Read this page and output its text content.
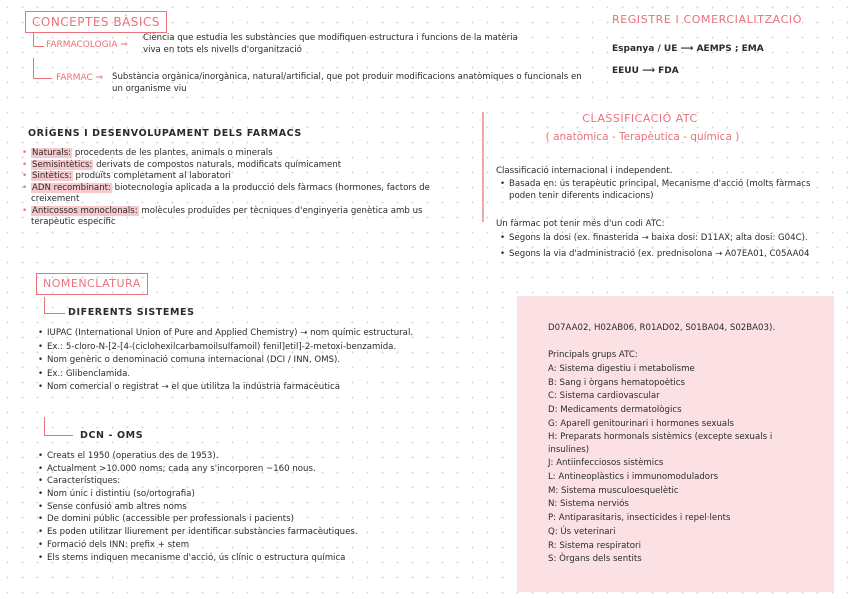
CONCEPTES BÀSICS
FARMACOLOGIA ⇒
Ciència que estudia les substàncies que modifiquen estructura i funcions de la matèria viva en tots els nivells d'organització
FARMAC ⇒ Substància orgànica/inorgànica, natural/artificial, que pot produir modificacions anatòmiques o funcionals en un organisme viu
REGISTRE I COMERCIALITZACIÓ
Espanya / UE ⟶ AEMPS ; EMA
EEUU ⟶ FDA
ORÍGENS I DESENVOLUPAMENT DELS FARMACS
• Naturals: procedents de les plantes, animals o minerals
• Semisintètics: derivats de compostos naturals, modificats químicament
• Sintètics: produïts completament al laboratori
• ADN recombinant: biotecnologia aplicada a la producció dels fàrmacs (hormones, factors de creixement
• Anticossos monoclonals: molècules produïdes per tècniques d'enginyeria genètica amb us terapèutic específic
CLASSIFICACIÓ ATC
( anatòmica - Terapèutica - química )
Classificació internacional i independent.
• Basada en: ús terapèutic principal, Mecanisme d'acció (molts fàrmacs poden tenir diferents indicacions)
Un fàrmac pot tenir més d'un codi ATC:
• Segons la dosi (ex. finasterida → baixa dosi: D11AX; alta dosi: G04C).
• Segons la via d'administració (ex. prednisolona → A07EA01, C05AA04
NOMENCLATURA
DIFERENTS SISTEMES
• IUPAC (International Union of Pure and Applied Chemistry) → nom químic estructural.
• Ex.: 5-cloro-N-[2-[4-(ciclohexilcarbamoilsulfamoil) fenil]etil]-2-metoxi-benzamida.
• Nom genèric o denominació comuna internacional (DCI / INN, OMS).
• Ex.: Glibenclamida.
• Nom comercial o registrat → el que utilitza la indústria farmacèutica
DCN - OMS
• Creats el 1950 (operatius des de 1953).
• Actualment >10.000 noms; cada any s'incorporen ~160 nous.
• Característiques:
• Nom únic i distintiu (so/ortografia)
• Sense confusió amb altres noms
• De domini públic (accessible per professionals i pacients)
• Es poden utilitzar lliurement per identificar substàncies farmacèutiques.
• Formació dels INN: prefix + stem
• Els stems indiquen mecanisme d'acció, ús clínic o estructura química
D07AA02, H02AB06, R01AD02, S01BA04, S02BA03).
Principals grups ATC:
A: Sistema digestiu i metabolisme
B: Sang i òrgans hematopoètics
C: Sistema cardiovascular
D: Medicaments dermatològics
G: Aparell genitourinari i hormones sexuals
H: Preparats hormonals sistèmics (excepte sexuals i insulines)
J: Antiinfecciosos sistèmics
L: Antineoplàstics i immunomoduladors
M: Sistema musculoesquelètic
N: Sistema nerviós
P: Antiparasitaris, insecticides i repel·lents
Q: Ús veterinari
R: Sistema respiratori
S: Òrgans dels sentits
